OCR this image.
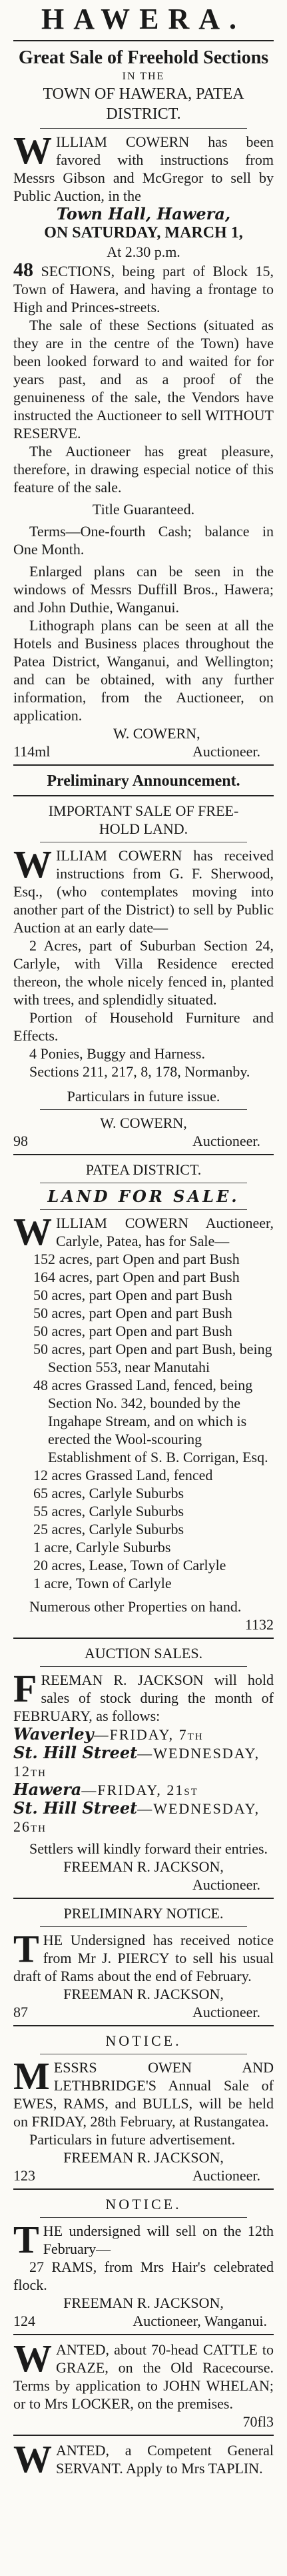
HAWERA.

Great Sale of Freehold Sections

IN THE

TOWN OF HAWERA, PATEA

DISTRICT.

WILLIAM COWERN has been favored with instructions from Messrs Gibson and McGregor to sell by Public Auction, in the

Town Hall, Hawera,

ON SATURDAY, MARCH 1,

At 2.30 p.m.

48 SECTIONS, being part of Block 15, Town of Hawera, and having a frontage to High and Princes-streets.

The sale of these Sections (situated as they are in the centre of the Town) have been looked forward to and waited for for years past, and as a proof of the genuineness of the sale, the Vendors have instructed the Auctioneer to sell WITHOUT RESERVE.

The Auctioneer has great pleasure, therefore, in drawing especial notice of this feature of the sale.

Title Guaranteed.

Terms—One-fourth Cash; balance in One Month.

Enlarged plans can be seen in the windows of Messrs Duffill Bros., Hawera; and John Duthie, Wanganui.

Lithograph plans can be seen at all the Hotels and Business places throughout the Patea District, Wanganui, and Wellington; and can be obtained, with any further information, from the Auctioneer, on application.

W. COWERN,

114ml	Auctioneer.

Preliminary Announcement.

IMPORTANT SALE OF FREE-

HOLD LAND.

WILLIAM COWERN has received instructions from G. F. Sherwood, Esq., (who contemplates moving into another part of the District) to sell by Public Auction at an early date—

2 Acres, part of Suburban Section 24, Carlyle, with Villa Residence erected thereon, the whole nicely fenced in, planted with trees, and splendidly situated.

Portion of Household Furniture and Effects.

4 Ponies, Buggy and Harness.

Sections 211, 217, 8, 178, Normanby.

Particulars in future issue.

W. COWERN,

98	Auctioneer.

PATEA DISTRICT.

LAND FOR SALE.

WILLIAM COWERN Auctioneer, Carlyle, Patea, has for Sale—

152 acres, part Open and part Bush

164 acres, part Open and part Bush

50 acres, part Open and part Bush

50 acres, part Open and part Bush

50 acres, part Open and part Bush

50 acres, part Open and part Bush, being Section 553, near Manutahi

48 acres Grassed Land, fenced, being Section No. 342, bounded by the Ingahape Stream, and on which is erected the Wool-scouring Establishment of S. B. Corrigan, Esq.

12 acres Grassed Land, fenced

65 acres, Carlyle Suburbs

55 acres, Carlyle Suburbs

25 acres, Carlyle Suburbs

1 acre, Carlyle Suburbs

20 acres, Lease, Town of Carlyle

1 acre, Town of Carlyle

Numerous other Properties on hand.

1132

AUCTION SALES.

FREEMAN R. JACKSON will hold sales of stock during the month of FEBRUARY, as follows:

Waverley—FRIDAY, 7th

St. Hill Street—WEDNESDAY, 12th

Hawera—FRIDAY, 21st

St. Hill Street—WEDNESDAY, 26th

Settlers will kindly forward their entries.

FREEMAN R. JACKSON,

Auctioneer.

PRELIMINARY NOTICE.

THE Undersigned has received notice from Mr J. PIERCY to sell his usual draft of Rams about the end of February.

FREEMAN R. JACKSON,

87	Auctioneer.

NOTICE.

MESSRS OWEN AND LETHBRIDGE'S Annual Sale of EWES, RAMS, and BULLS, will be held on FRIDAY, 28th February, at Rustangatea.

Particulars in future advertisement.

FREEMAN R. JACKSON,

123	Auctioneer.

NOTICE.

THE undersigned will sell on the 12th February—

27 RAMS, from Mrs Hair's celebrated flock.

FREEMAN R. JACKSON,

124	Auctioneer, Wanganui.

WANTED, about 70-head CATTLE to GRAZE, on the Old Racecourse. Terms by application to JOHN WHELAN; or to Mrs LOCKER, on the premises.

70fl3

WANTED, a Competent General SERVANT. Apply to Mrs TAPLIN.
